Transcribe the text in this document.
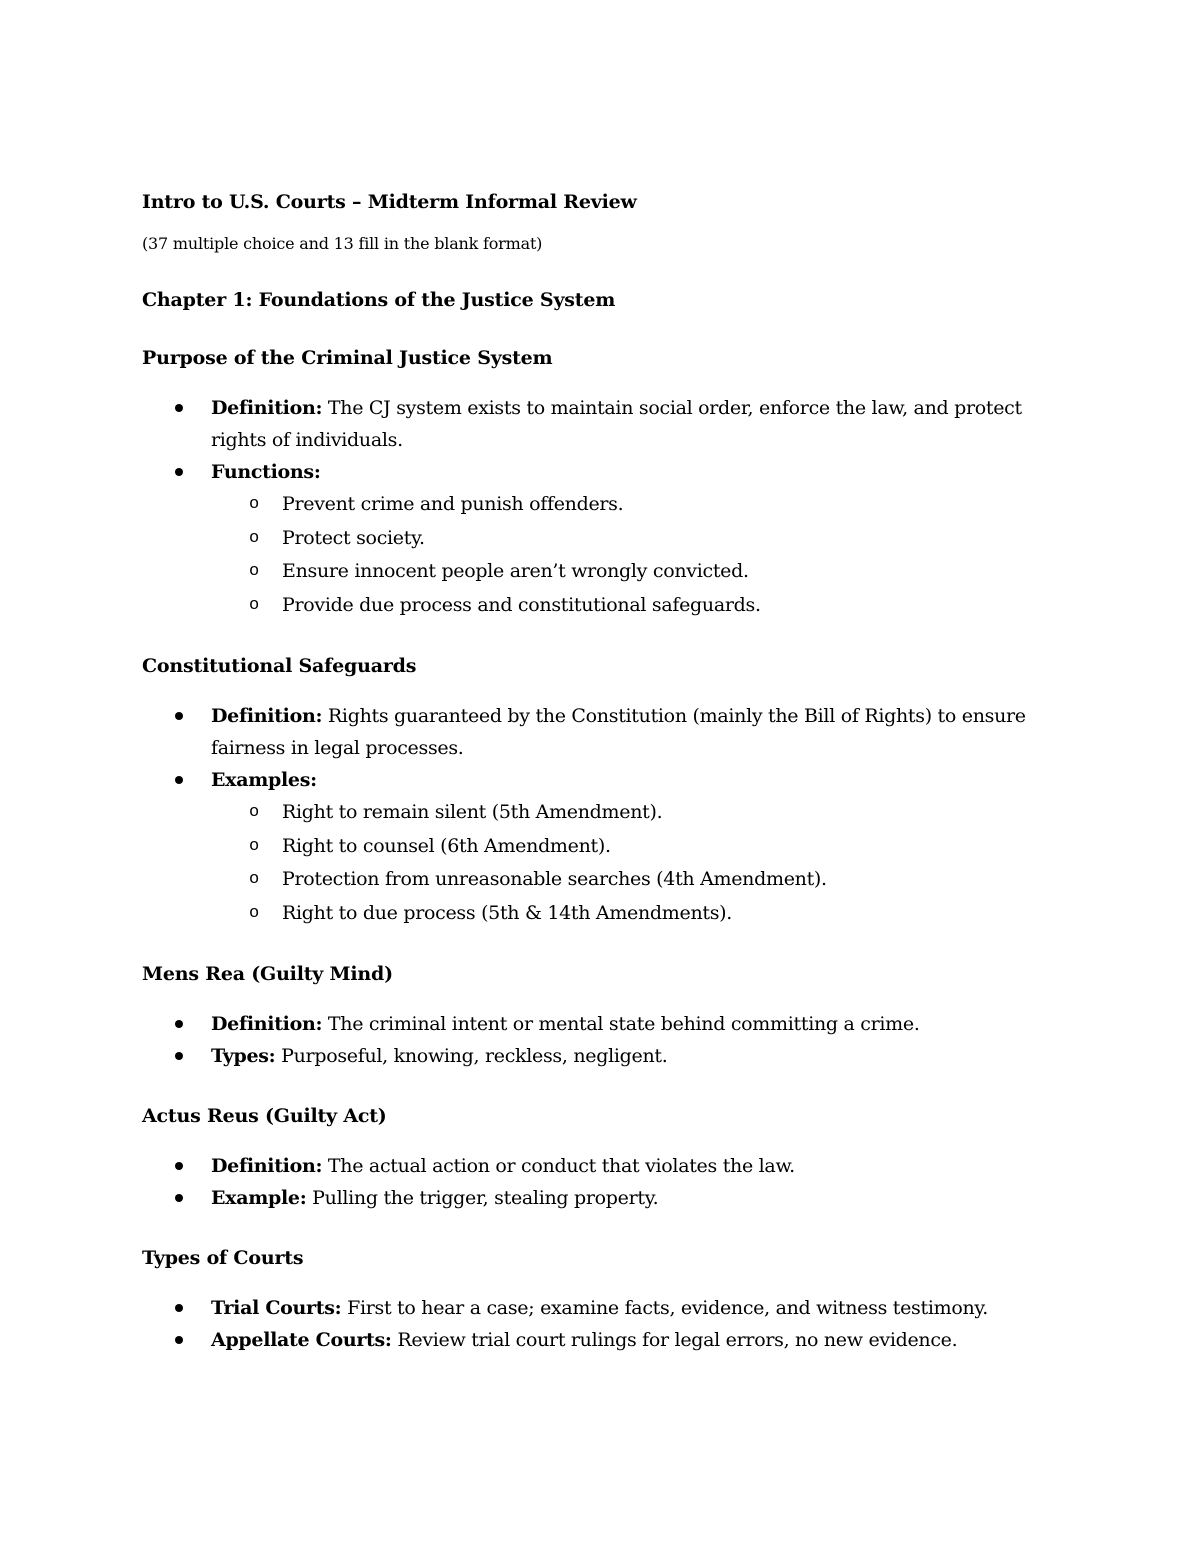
Intro to U.S. Courts – Midterm Informal Review

(37 multiple choice and 13 fill in the blank format)

Chapter 1: Foundations of the Justice System

Purpose of the Criminal Justice System

Definition: The CJ system exists to maintain social order, enforce the law, and protect rights of individuals.
Functions:
o Prevent crime and punish offenders.
o Protect society.
o Ensure innocent people aren’t wrongly convicted.
o Provide due process and constitutional safeguards.

Constitutional Safeguards

Definition: Rights guaranteed by the Constitution (mainly the Bill of Rights) to ensure fairness in legal processes.
Examples:
o Right to remain silent (5th Amendment).
o Right to counsel (6th Amendment).
o Protection from unreasonable searches (4th Amendment).
o Right to due process (5th & 14th Amendments).

Mens Rea (Guilty Mind)

Definition: The criminal intent or mental state behind committing a crime.
Types: Purposeful, knowing, reckless, negligent.

Actus Reus (Guilty Act)

Definition: The actual action or conduct that violates the law.
Example: Pulling the trigger, stealing property.

Types of Courts

Trial Courts: First to hear a case; examine facts, evidence, and witness testimony.
Appellate Courts: Review trial court rulings for legal errors, no new evidence.
